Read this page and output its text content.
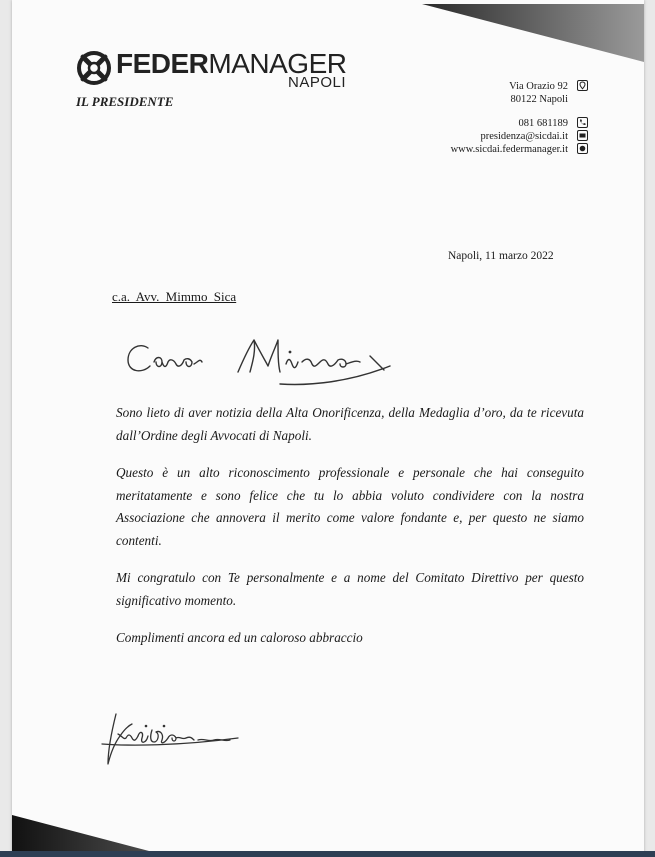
FEDERMANAGER
NAPOLI
IL PRESIDENTE
Via Orazio 92
80122 Napoli
081 681189
presidenza@sicdai.it
www.sicdai.federmanager.it
Napoli, 11 marzo 2022
c.a. Avv. Mimmo Sica

Sono lieto di aver notizia della Alta Onorificenza, della Medaglia d’oro, da te ricevuta dall’Ordine degli Avvocati di Napoli.

Questo è un alto riconoscimento professionale e personale che hai conseguito meritatamente e sono felice che tu lo abbia voluto condividere con la nostra Associazione che annovera il merito come valore fondante e, per questo ne siamo contenti.

Mi congratulo con Te personalmente e a nome del Comitato Direttivo per questo significativo momento.

Complimenti ancora ed un caloroso abbraccio
